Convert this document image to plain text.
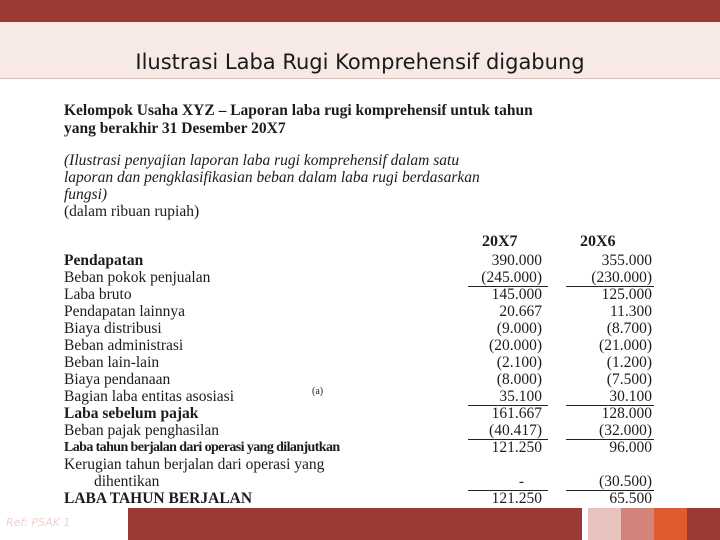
Ilustrasi Laba Rugi Komprehensif digabung
Kelompok Usaha XYZ – Laporan laba rugi komprehensif untuk tahun
yang berakhir 31 Desember 20X7
(Ilustrasi penyajian laporan laba rugi komprehensif dalam satu
laporan dan pengklasifikasian beban dalam laba rugi berdasarkan
fungsi)
(dalam ribuan rupiah)
20X7	20X6
Pendapatan	390.000	355.000
Beban pokok penjualan	(245.000)	(230.000)
Laba bruto	145.000	125.000
Pendapatan lainnya	20.667	11.300
Biaya distribusi	(9.000)	(8.700)
Beban administrasi	(20.000)	(21.000)
Beban lain-lain	(2.100)	(1.200)
Biaya pendanaan	(8.000)	(7.500)
Bagian laba entitas asosiasi	(a)	35.100	30.100
Laba sebelum pajak	161.667	128.000
Beban pajak penghasilan	(40.417)	(32.000)
Laba tahun berjalan dari operasi yang dilanjutkan	121.250	96.000
Kerugian tahun berjalan dari operasi yang
dihentikan	-	(30.500)
LABA TAHUN BERJALAN	121.250	65.500
Ref: PSAK 1
